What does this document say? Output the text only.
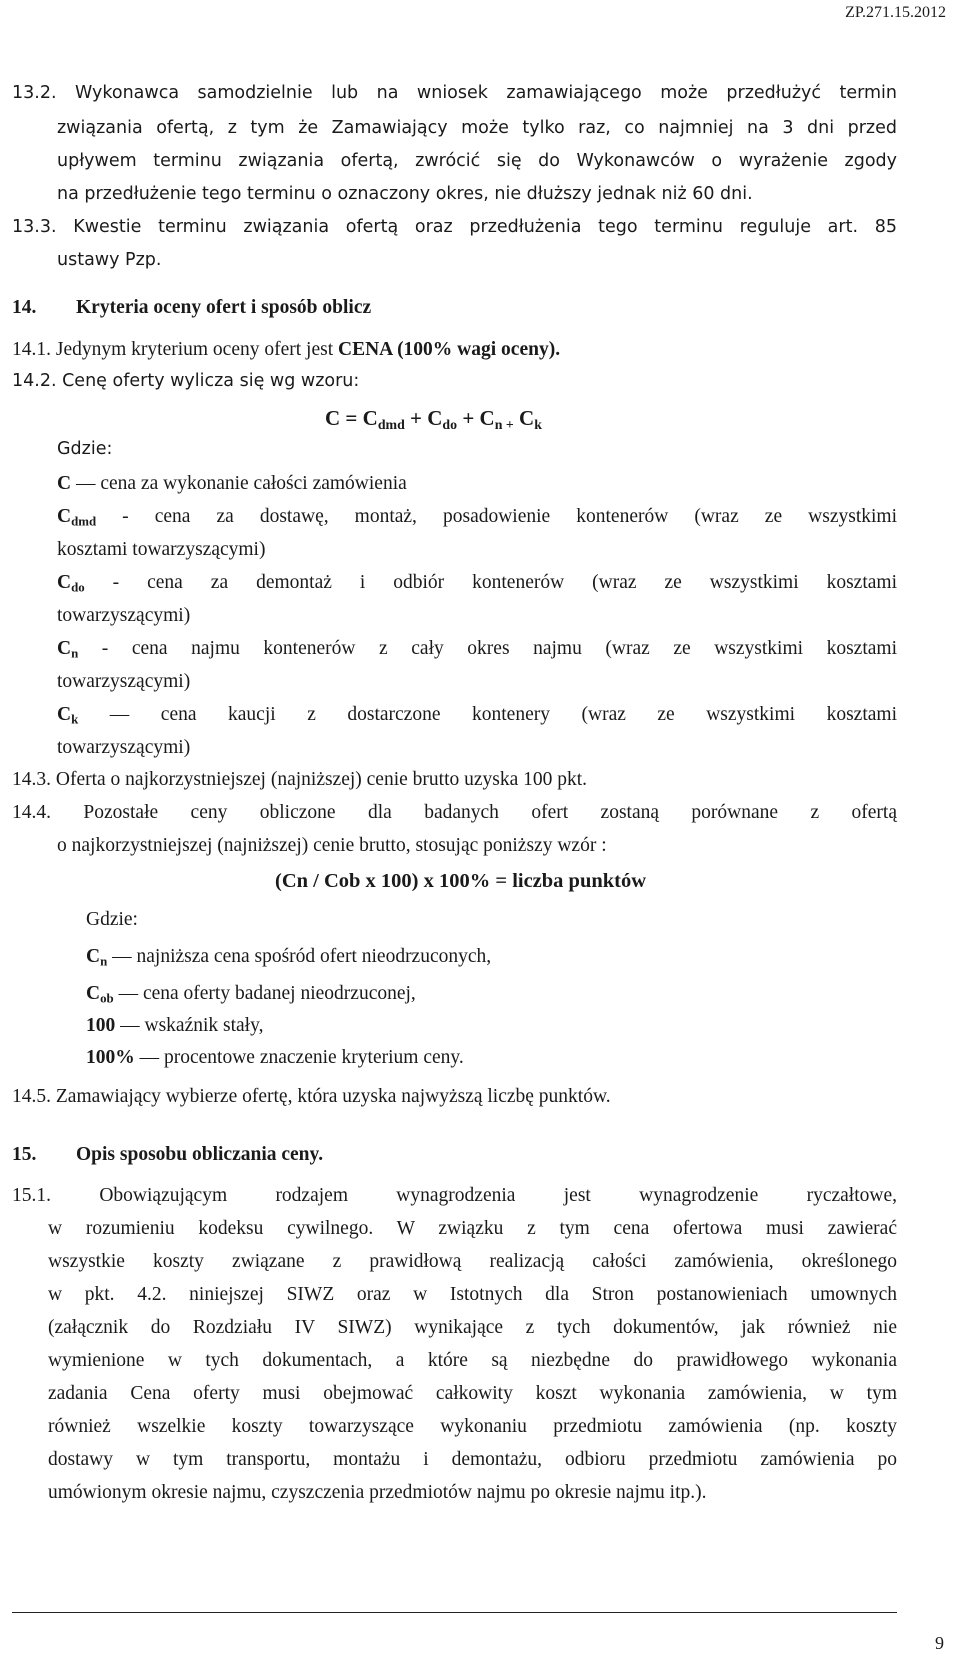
ZP.271.15.2012
13.2. Wykonawca samodzielnie lub na wniosek zamawiającego może przedłużyć termin
związania ofertą, z tym że Zamawiający może tylko raz, co najmniej na 3 dni przed
upływem terminu związania ofertą, zwrócić się do Wykonawców o wyrażenie zgody
na przedłużenie tego terminu o oznaczony okres, nie dłuższy jednak niż 60 dni.
13.3. Kwestie terminu związania ofertą oraz przedłużenia tego terminu reguluje art. 85
ustawy Pzp.
14. Kryteria oceny ofert i sposób oblicz
14.1. Jedynym kryterium oceny ofert jest CENA (100% wagi oceny).
14.2. Cenę oferty wylicza się wg wzoru:
$C = C_{dmd} + C_{do} + C_n$ $_+$ $C_k$
Gdzie:
C — cena za wykonanie całości zamówienia
$C_{dmd}$ - cena za dostawę, montaż, posadowienie kontenerów (wraz ze wszystkimi
kosztami towarzyszącymi)
$C_{do}$ - cena za demontaż i odbiór kontenerów (wraz ze wszystkimi kosztami
towarzyszącymi)
$C_n$ - cena najmu kontenerów z cały okres najmu (wraz ze wszystkimi kosztami
towarzyszącymi)
$C_k$ — cena kaucji z dostarczone kontenery (wraz ze wszystkimi kosztami
towarzyszącymi)
14.3. Oferta o najkorzystniejszej (najniższej) cenie brutto uzyska 100 pkt.
14.4. Pozostałe ceny obliczone dla badanych ofert zostaną porównane z ofertą
o najkorzystniejszej (najniższej) cenie brutto, stosując poniższy wzór :
(Cn / Cob x 100) x 100% = liczba punktów
Gdzie:
$C_n$ — najniższa cena spośród ofert nieodrzuconych,
$C_{ob}$ — cena oferty badanej nieodrzuconej,
100 — wskaźnik stały,
100% — procentowe znaczenie kryterium ceny.
14.5. Zamawiający wybierze ofertę, która uzyska najwyższą liczbę punktów.
15. Opis sposobu obliczania ceny.
15.1. Obowiązującym rodzajem wynagrodzenia jest wynagrodzenie ryczałtowe,
w rozumieniu kodeksu cywilnego. W związku z tym cena ofertowa musi zawierać
wszystkie koszty związane z prawidłową realizacją całości zamówienia, określonego
w pkt. 4.2. niniejszej SIWZ oraz w Istotnych dla Stron postanowieniach umownych
(załącznik do Rozdziału IV SIWZ) wynikające z tych dokumentów, jak również nie
wymienione w tych dokumentach, a które są niezbędne do prawidłowego wykonania
zadania Cena oferty musi obejmować całkowity koszt wykonania zamówienia, w tym
również wszelkie koszty towarzyszące wykonaniu przedmiotu zamówienia (np. koszty
dostawy w tym transportu, montażu i demontażu, odbioru przedmiotu zamówienia po
umówionym okresie najmu, czyszczenia przedmiotów najmu po okresie najmu itp.).
9
